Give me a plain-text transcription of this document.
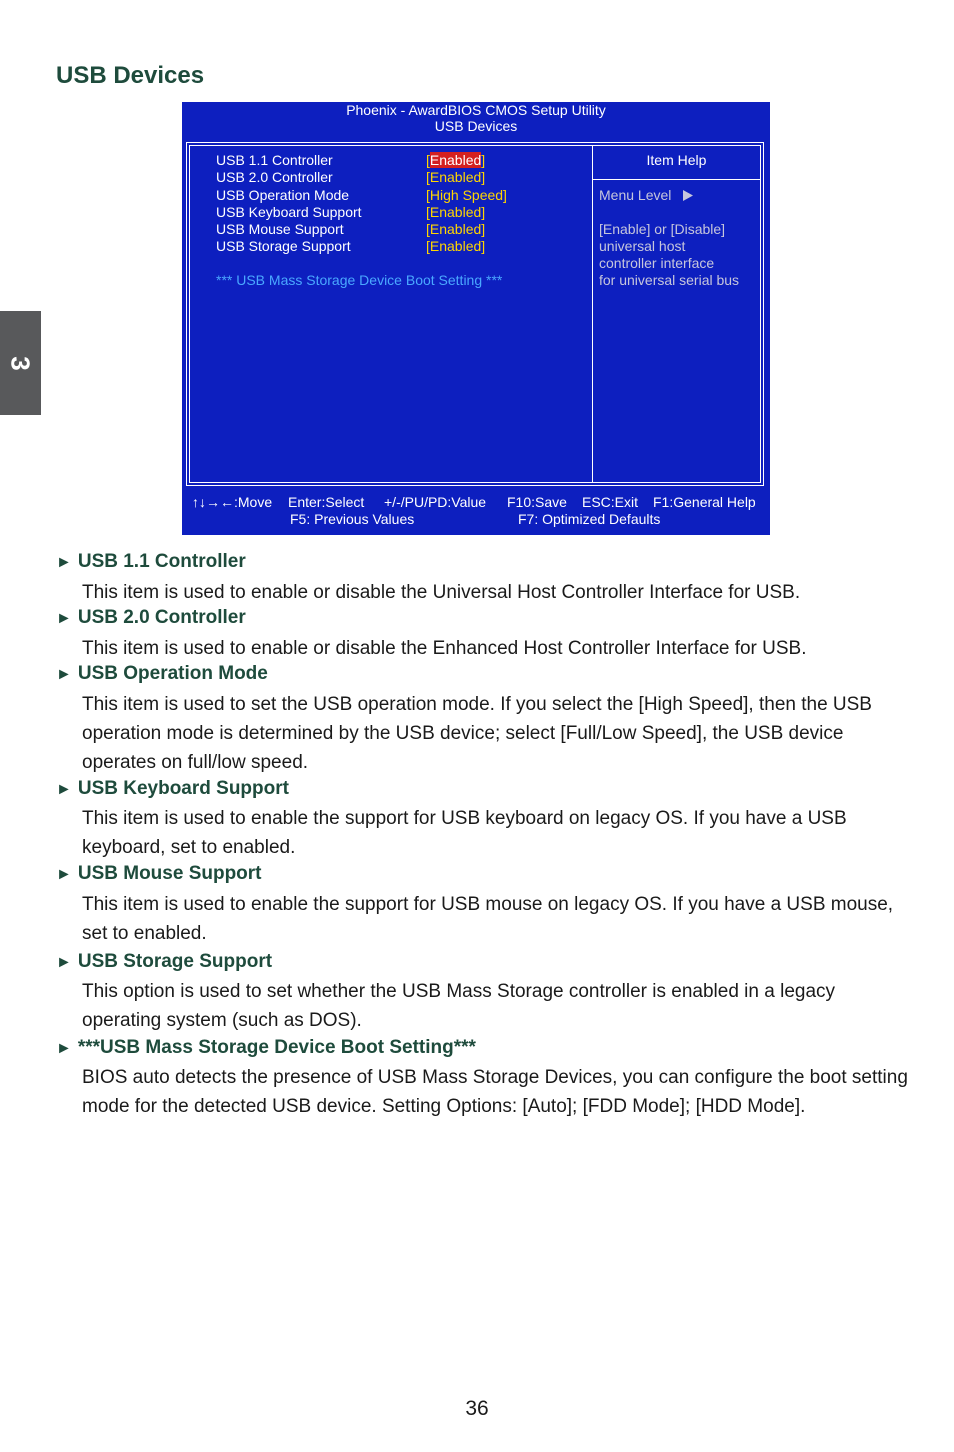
3
USB Devices
Phoenix - AwardBIOS CMOS Setup Utility
USB Devices
USB 1.1 Controller	[Enabled]
USB 2.0 Controller	[Enabled]
USB Operation Mode	[High Speed]
USB Keyboard Support	[Enabled]
USB Mouse Support	[Enabled]
USB Storage Support	[Enabled]
*** USB Mass Storage Device Boot Setting ***
Item Help
Menu Level
[Enable] or [Disable]
universal host
controller interface
for universal serial bus
↑↓→←:Move Enter:Select +/-/PU/PD:Value F10:Save ESC:Exit F1:General Help
F5: Previous Values	F7: Optimized Defaults
► USB 1.1 Controller

This item is used to enable or disable the Universal Host Controller Interface for USB.

► USB 2.0 Controller

This item is used to enable or disable the Enhanced Host Controller Interface for USB.

► USB Operation Mode

This item is used to set the USB operation mode. If you select the [High Speed], then the USB operation mode is determined by the USB device; select [Full/Low Speed], the USB device operates on full/low speed.

► USB Keyboard Support

This item is used to enable the support for USB keyboard on legacy OS. If you have a USB keyboard, set to enabled.

► USB Mouse Support

This item is used to enable the support for USB mouse on legacy OS. If you have a USB mouse, set to enabled.

► USB Storage Support

This option is used to set whether the USB Mass Storage controller is enabled in a legacy operating system (such as DOS).

► ***USB Mass Storage Device Boot Setting***

BIOS auto detects the presence of USB Mass Storage Devices, you can configure the boot setting mode for the detected USB device. Setting Options: [Auto]; [FDD Mode]; [HDD Mode].

36
